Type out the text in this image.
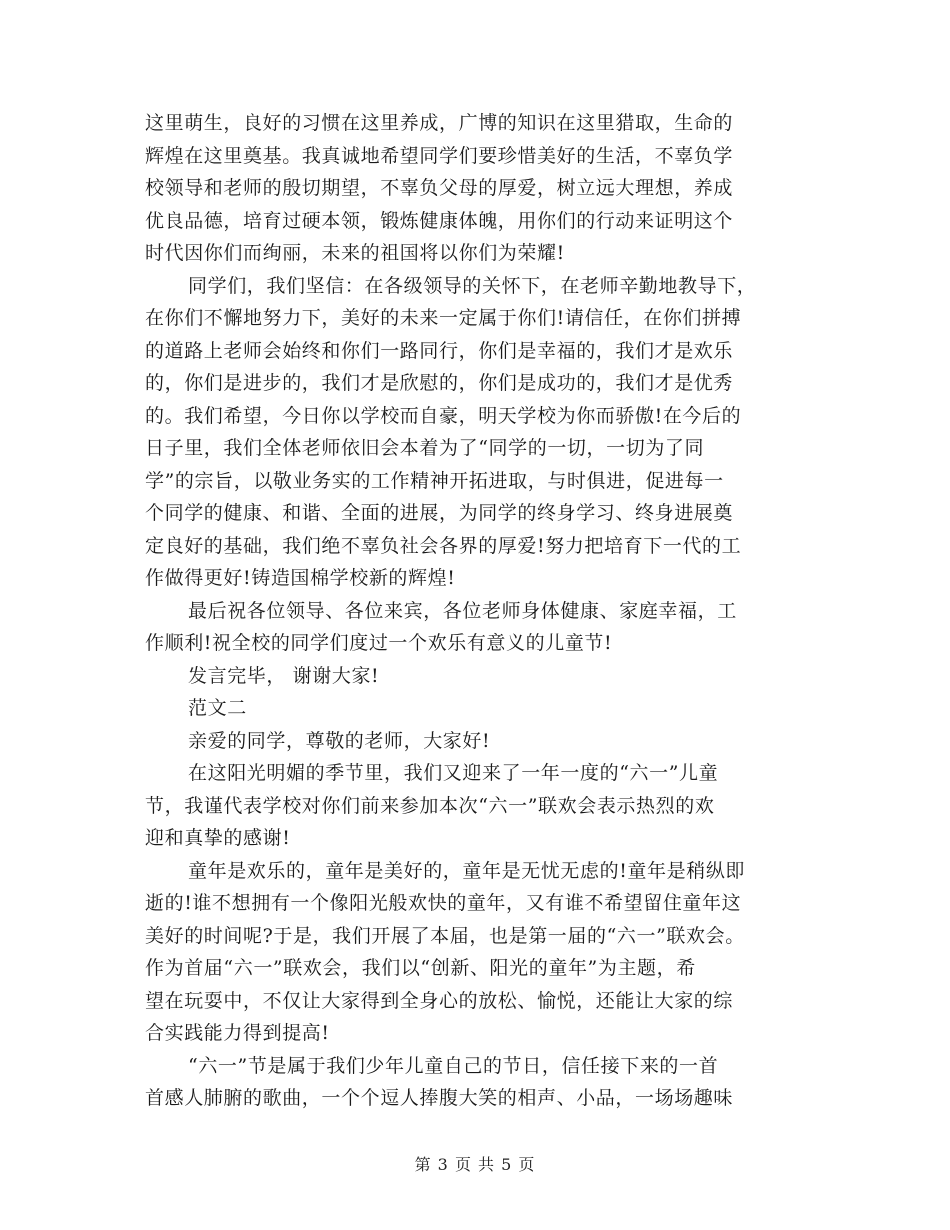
这里萌生，良好的习惯在这里养成，广博的知识在这里猎取，生命的
辉煌在这里奠基。我真诚地希望同学们要珍惜美好的生活，不辜负学
校领导和老师的殷切期望，不辜负父母的厚爱，树立远大理想，养成
优良品德，培育过硬本领，锻炼健康体魄，用你们的行动来证明这个
时代因你们而绚丽，未来的祖国将以你们为荣耀!
同学们，我们坚信：在各级领导的关怀下，在老师辛勤地教导下，
在你们不懈地努力下，美好的未来一定属于你们!请信任，在你们拼搏
的道路上老师会始终和你们一路同行，你们是幸福的，我们才是欢乐
的，你们是进步的，我们才是欣慰的，你们是成功的，我们才是优秀
的。我们希望，今日你以学校而自豪，明天学校为你而骄傲!在今后的
日子里，我们全体老师依旧会本着为了“同学的一切，一切为了同
学”的宗旨，以敬业务实的工作精神开拓进取，与时俱进，促进每一
个同学的健康、和谐、全面的进展，为同学的终身学习、终身进展奠
定良好的基础，我们绝不辜负社会各界的厚爱!努力把培育下一代的工
作做得更好!铸造国棉学校新的辉煌!
最后祝各位领导、各位来宾，各位老师身体健康、家庭幸福，工
作顺利!祝全校的同学们度过一个欢乐有意义的儿童节!
发言完毕， 谢谢大家!
范文二
亲爱的同学，尊敬的老师，大家好!
在这阳光明媚的季节里，我们又迎来了一年一度的“六一”儿童
节，我谨代表学校对你们前来参加本次“六一”联欢会表示热烈的欢
迎和真挚的感谢!
童年是欢乐的，童年是美好的，童年是无忧无虑的!童年是稍纵即
逝的!谁不想拥有一个像阳光般欢快的童年，又有谁不希望留住童年这
美好的时间呢?于是，我们开展了本届，也是第一届的“六一”联欢会。
作为首届“六一”联欢会，我们以“创新、阳光的童年”为主题，希
望在玩耍中，不仅让大家得到全身心的放松、愉悦，还能让大家的综
合实践能力得到提高!
“六一”节是属于我们少年儿童自己的节日，信任接下来的一首
首感人肺腑的歌曲，一个个逗人捧腹大笑的相声、小品，一场场趣味
第 3 页 共 5 页
